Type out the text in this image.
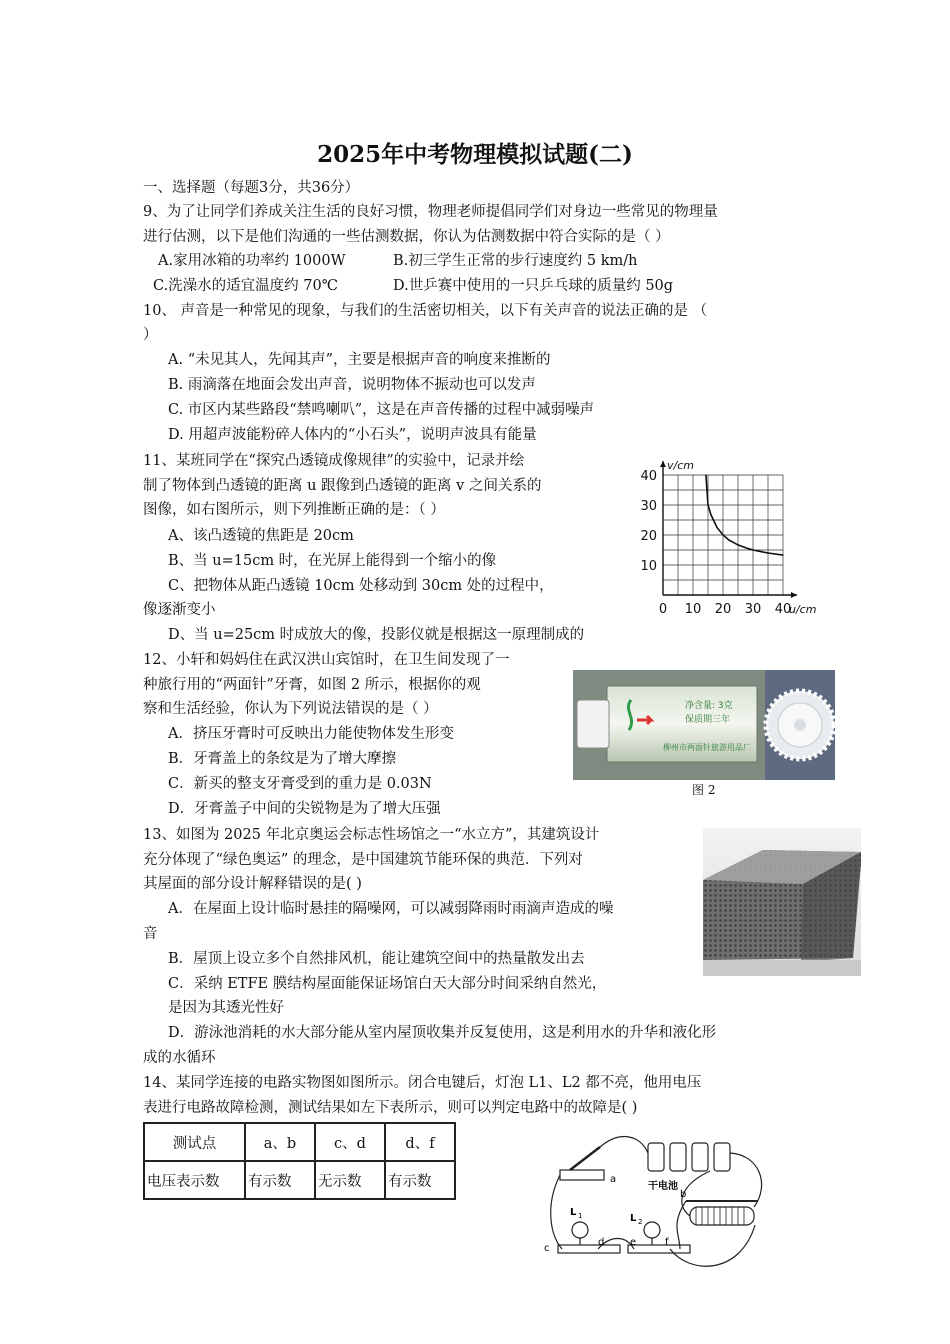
2025年中考物理模拟试题(二)
一、选择题（每题3分，共36分）
9、为了让同学们养成关注生活的良好习惯，物理老师提倡同学们对身边一些常见的物理量
进行估测，以下是他们沟通的一些估测数据，你认为估测数据中符合实际的是（ ）
A.家用冰箱的功率约 1000W	B.初三学生正常的步行速度约 5 km/h
C.洗澡水的适宜温度约 70℃	D.世乒赛中使用的一只乒乓球的质量约 50g
10、 声音是一种常见的现象，与我们的生活密切相关，以下有关声音的说法正确的是 （
）
A. “未见其人，先闻其声”，主要是根据声音的响度来推断的
B. 雨滴落在地面会发出声音，说明物体不振动也可以发声
C. 市区内某些路段“禁鸣喇叭”，这是在声音传播的过程中减弱噪声
D. 用超声波能粉碎人体内的“小石头”，说明声波具有能量
11、某班同学在“探究凸透镜成像规律”的实验中，记录并绘
制了物体到凸透镜的距离 u 跟像到凸透镜的距离 v 之间关系的
图像，如右图所示，则下列推断正确的是：（ ）
A、该凸透镜的焦距是 20cm
B、当 u=15cm 时，在光屏上能得到一个缩小的像
C、把物体从距凸透镜 10cm 处移动到 30cm 处的过程中，
像逐渐变小
D、当 u=25cm 时成放大的像，投影仪就是根据这一原理制成的
0 10 20 30 40
10
20
30
40
u/cm
v/cm
12、小轩和妈妈住在武汉洪山宾馆时，在卫生间发现了一
种旅行用的“两面针”牙膏，如图 2 所示，根据你的观
察和生活经验，你认为下列说法错误的是（ ）
A．挤压牙膏时可反映出力能使物体发生形变
B．牙膏盖上的条纹是为了增大摩擦
C．新买的整支牙膏受到的重力是 0.03N
D．牙膏盖子中间的尖锐物是为了增大压强
净含量: 3克
保质期三年
柳州市两面针旅游用品厂
图 2
13、如图为 2025 年北京奥运会标志性场馆之一“水立方”，其建筑设计
充分体现了“绿色奥运” 的理念，是中国建筑节能环保的典范．下列对
其屋面的部分设计解释错误的是( )
A．在屋面上设计临时悬挂的隔噪网，可以减弱降雨时雨滴声造成的噪
音
B．屋顶上设立多个自然排风机，能让建筑空间中的热量散发出去
C．采纳 ETFE 膜结构屋面能保证场馆白天大部分时间采纳自然光，
是因为其透光性好
D．游泳池消耗的水大部分能从室内屋顶收集并反复使用，这是利用水的升华和液化形
成的水循环
14、某同学连接的电路实物图如图所示。闭合电键后，灯泡 L1、L2 都不亮，他用电压
表进行电路故障检测，测试结果如左下表所示，则可以判定电路中的故障是( )
测试点	a、b	c、d	d、f
电压表示数	有示数	无示数	有示数	a
b
c
d	e	f
干电池
L 1	L 2
